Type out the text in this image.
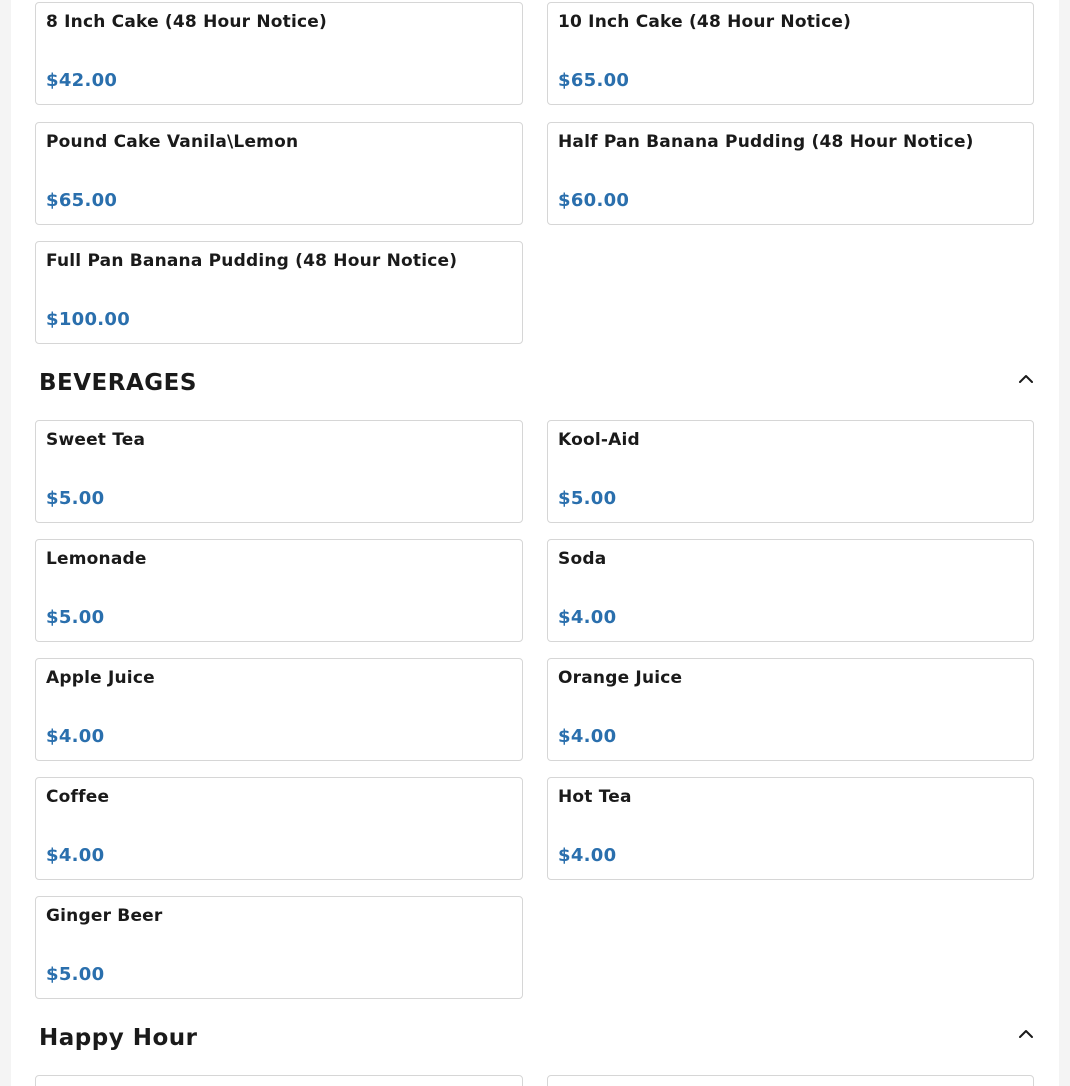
8 Inch Cake (48 Hour Notice)
$42.00
10 Inch Cake (48 Hour Notice)
$65.00
Pound Cake Vanila\Lemon
$65.00
Half Pan Banana Pudding (48 Hour Notice)
$60.00
Full Pan Banana Pudding (48 Hour Notice)
$100.00
BEVERAGES
Sweet Tea
$5.00
Kool-Aid
$5.00
Lemonade
$5.00
Soda
$4.00
Apple Juice
$4.00
Orange Juice
$4.00
Coffee
$4.00
Hot Tea
$4.00
Ginger Beer
$5.00
Happy Hour
